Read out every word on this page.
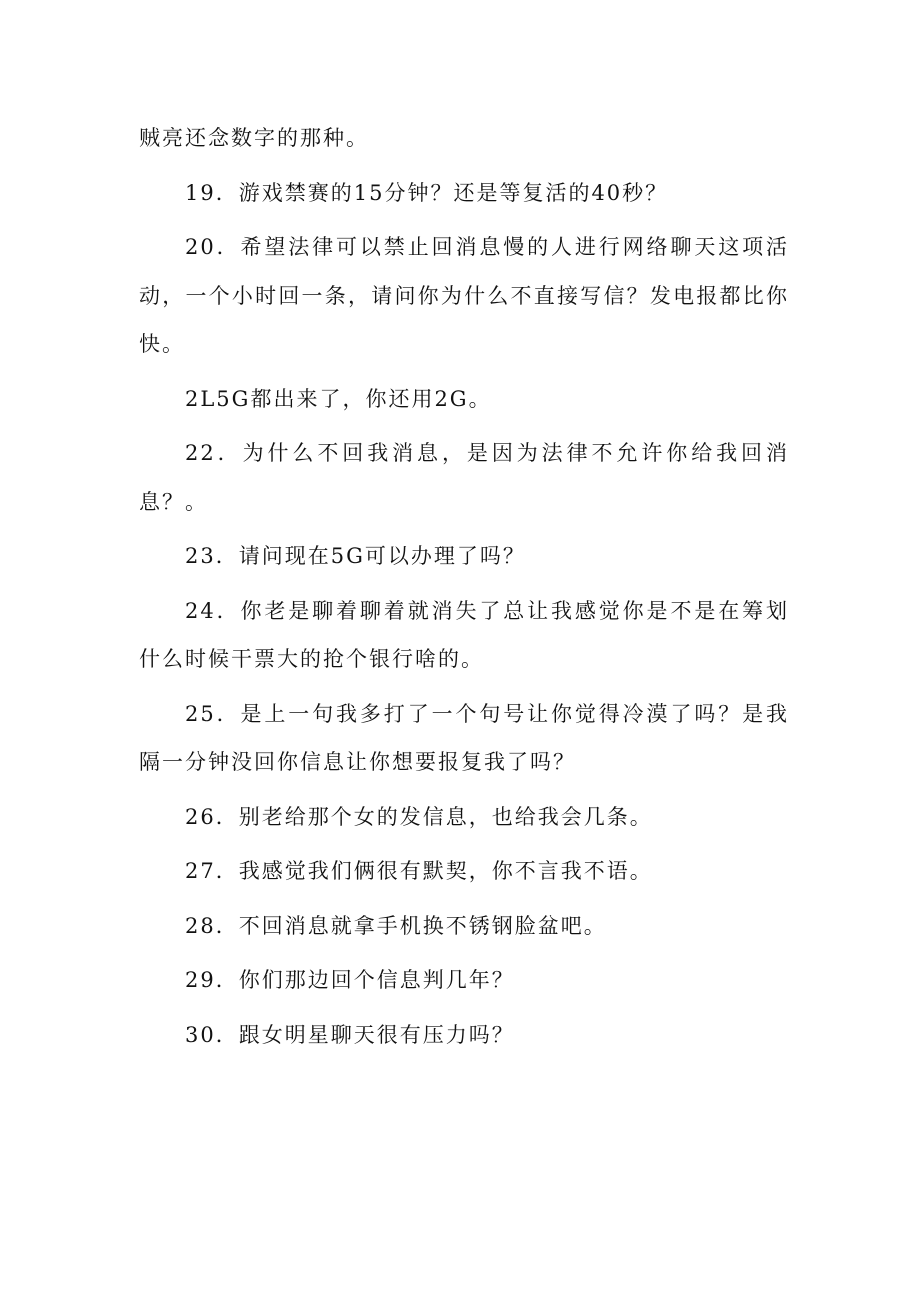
贼亮还念数字的那种。

19．游戏禁赛的15分钟？还是等复活的40秒？

20．希望法律可以禁止回消息慢的人进行网络聊天这项活动，一个小时回一条，请问你为什么不直接写信？发电报都比你快。

2L5G都出来了，你还用2G。

22．为什么不回我消息，是因为法律不允许你给我回消息？。

23．请问现在5G可以办理了吗？

24．你老是聊着聊着就消失了总让我感觉你是不是在筹划什么时候干票大的抢个银行啥的。

25．是上一句我多打了一个句号让你觉得冷漠了吗？是我隔一分钟没回你信息让你想要报复我了吗？

26．别老给那个女的发信息，也给我会几条。

27．我感觉我们俩很有默契，你不言我不语。

28．不回消息就拿手机换不锈钢脸盆吧。

29．你们那边回个信息判几年？

30．跟女明星聊天很有压力吗？
